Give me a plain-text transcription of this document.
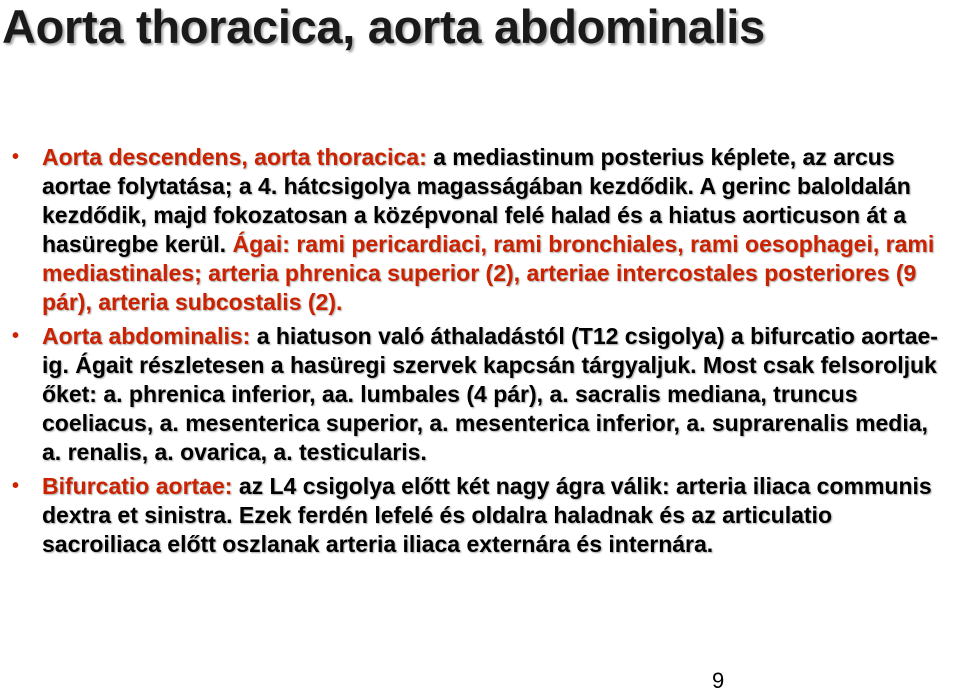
Aorta thoracica, aorta abdominalis
• Aorta descendens, aorta thoracica: a mediastinum posterius képlete, az arcus aortae folytatása; a 4. hátcsigolya magasságában kezdődik. A gerinc baloldalán kezdődik, majd fokozatosan a középvonal felé halad és a hiatus aorticuson át a hasüregbe kerül. Ágai: rami pericardiaci, rami bronchiales, rami oesophagei, rami mediastinales; arteria phrenica superior (2), arteriae intercostales posteriores (9 pár), arteria subcostalis (2).
• Aorta abdominalis: a hiatuson való áthaladástól (T12 csigolya) a bifurcatio aortae-ig. Ágait részletesen a hasüregi szervek kapcsán tárgyaljuk. Most csak felsoroljuk őket: a. phrenica inferior, aa. lumbales (4 pár), a. sacralis mediana, truncus coeliacus, a. mesenterica superior, a. mesenterica inferior, a. suprarenalis media, a. renalis, a. ovarica, a. testicularis.
• Bifurcatio aortae: az L4 csigolya előtt két nagy ágra válik: arteria iliaca communis dextra et sinistra. Ezek ferdén lefelé és oldalra haladnak és az articulatio sacroiliaca előtt oszlanak arteria iliaca externára és internára.
9
